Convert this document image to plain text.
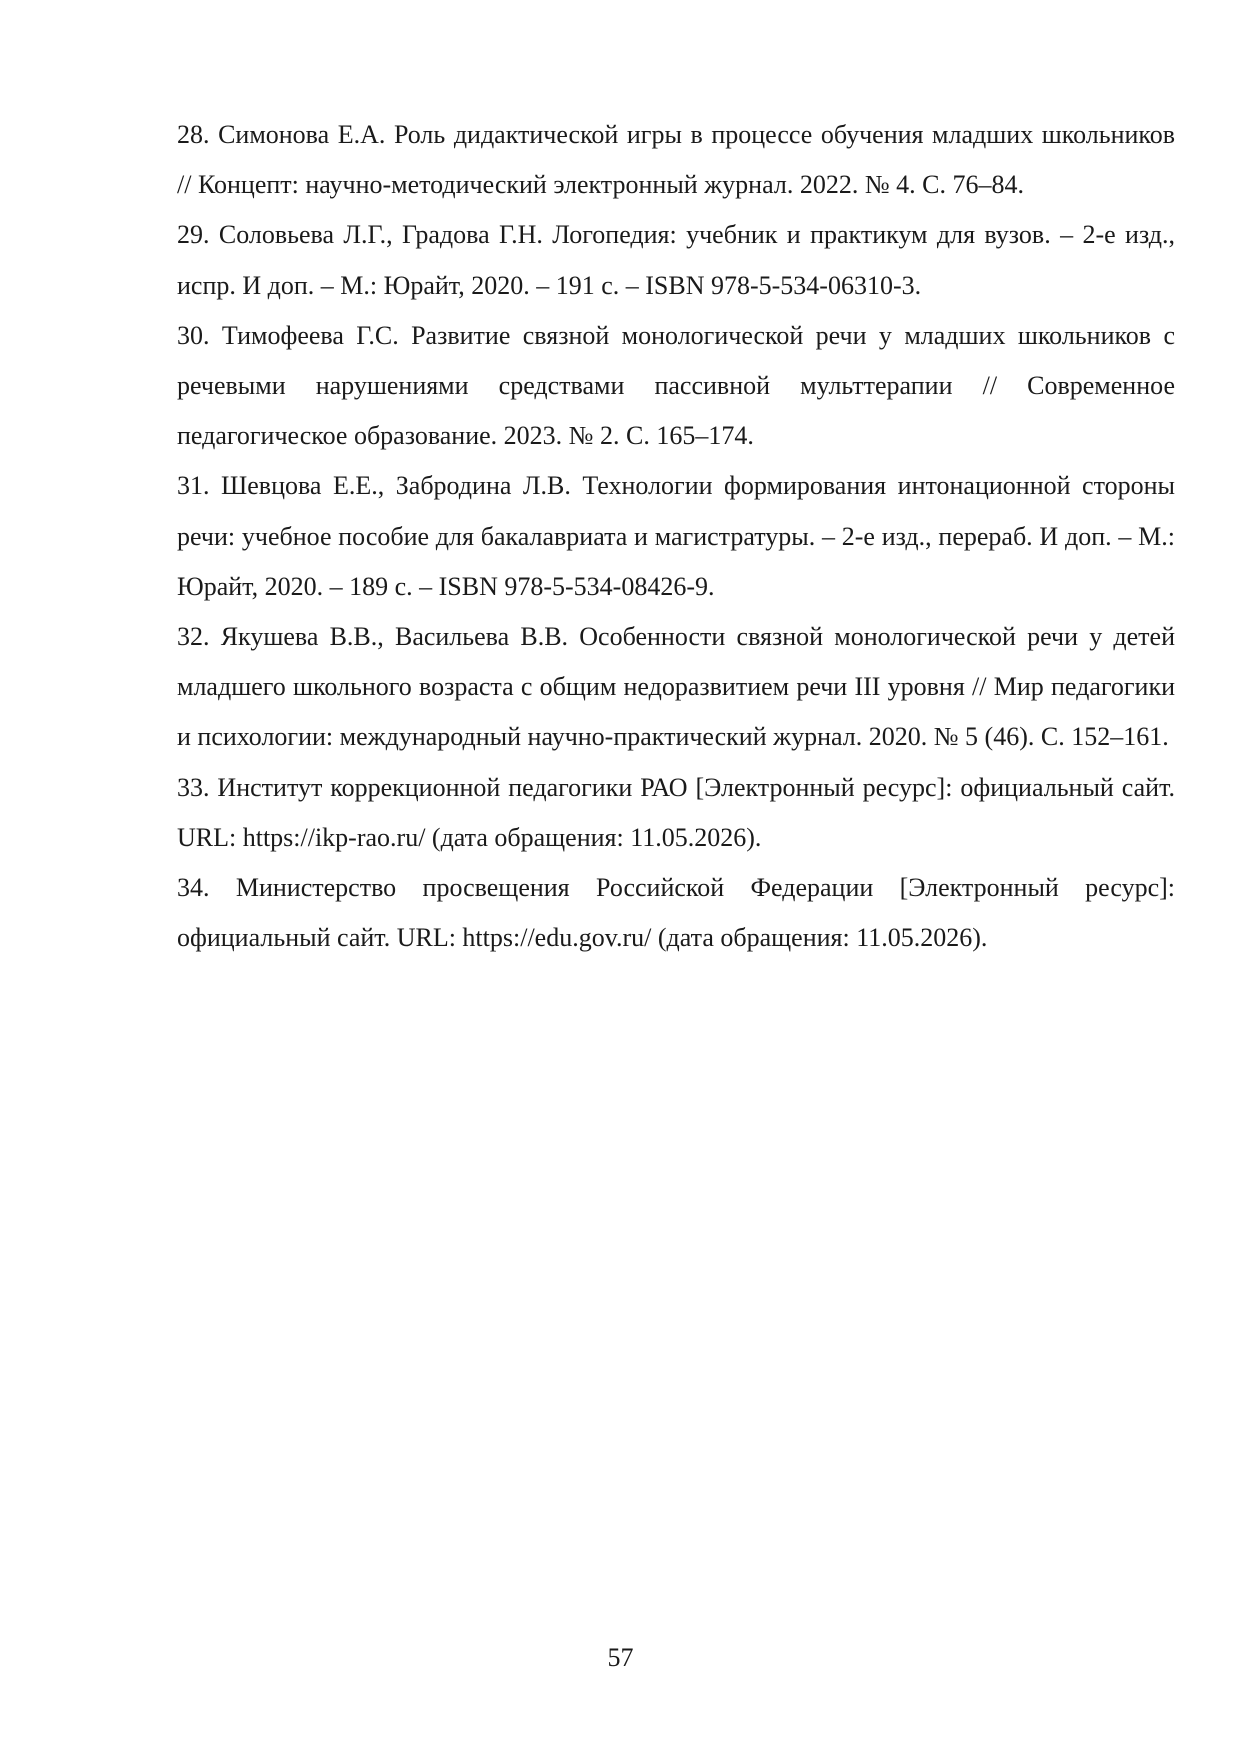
28. Симонова Е.А. Роль дидактической игры в процессе обучения младших школьников // Концепт: научно-методический электронный журнал. 2022. № 4. С. 76–84.
29. Соловьева Л.Г., Градова Г.Н. Логопедия: учебник и практикум для вузов. – 2-е изд., испр. И доп. – М.: Юрайт, 2020. – 191 с. – ISBN 978-5-534-06310-3.
30. Тимофеева Г.С. Развитие связной монологической речи у младших школьников с речевыми нарушениями средствами пассивной мульттерапии // Современное педагогическое образование. 2023. № 2. С. 165–174.
31. Шевцова Е.Е., Забродина Л.В. Технологии формирования интонационной стороны речи: учебное пособие для бакалавриата и магистратуры. – 2-е изд., перераб. И доп. – М.: Юрайт, 2020. – 189 с. – ISBN 978-5-534-08426-9.
32. Якушева В.В., Васильева В.В. Особенности связной монологической речи у детей младшего школьного возраста с общим недоразвитием речи III уровня // Мир педагогики и психологии: международный научно-практический журнал. 2020. № 5 (46). С. 152–161.
33. Институт коррекционной педагогики РАО [Электронный ресурс]: официальный сайт. URL: https://ikp-rao.ru/ (дата обращения: 11.05.2026).
34. Министерство просвещения Российской Федерации [Электронный ресурс]: официальный сайт. URL: https://edu.gov.ru/ (дата обращения: 11.05.2026).
57
